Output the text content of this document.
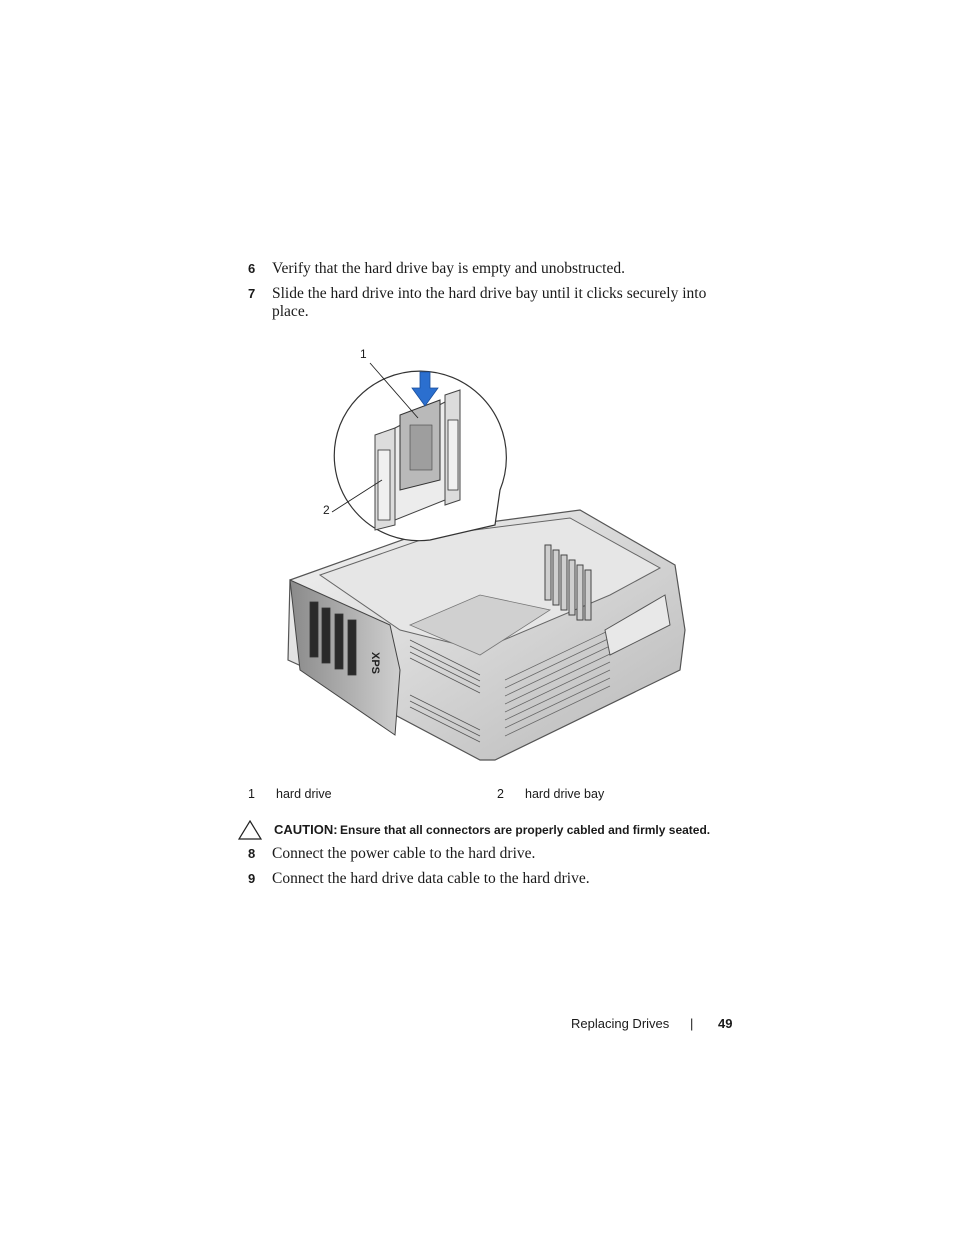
6 Verify that the hard drive bay is empty and unobstructed.
7 Slide the hard drive into the hard drive bay until it clicks securely into place.
XPS
1
2
1 hard drive	2 hard drive bay
CAUTION: Ensure that all connectors are properly cabled and firmly seated.
8 Connect the power cable to the hard drive.
9 Connect the hard drive data cable to the hard drive.
Replacing Drives | 49
